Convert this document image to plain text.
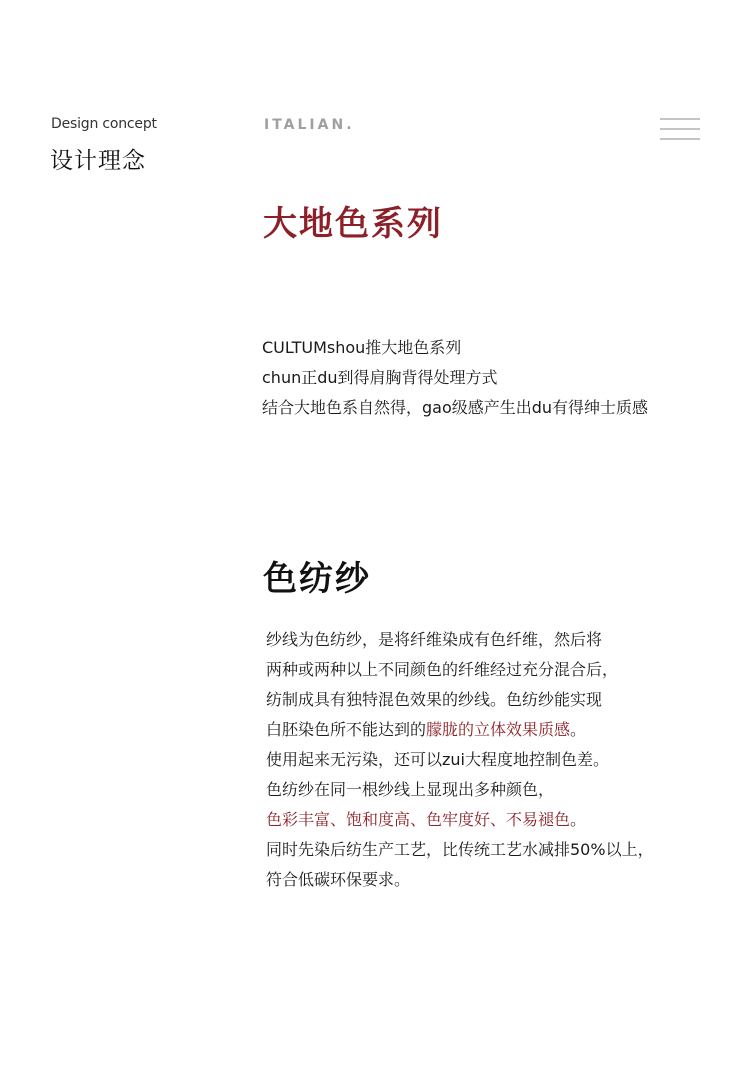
Design concept
设计理念
ITALIAN.
大地色系列
CULTUMshou推大地色系列
chun正du到得肩胸背得处理方式
结合大地色系自然得，gao级感产生出du有得绅士质感
色纺纱
纱线为色纺纱，是将纤维染成有色纤维，然后将
两种或两种以上不同颜色的纤维经过充分混合后，
纺制成具有独特混色效果的纱线。色纺纱能实现
白胚染色所不能达到的朦胧的立体效果质感。
使用起来无污染，还可以zui大程度地控制色差。
色纺纱在同一根纱线上显现出多种颜色，
色彩丰富、饱和度高、色牢度好、不易褪色。
同时先染后纺生产工艺，比传统工艺水减排50%以上，
符合低碳环保要求。
